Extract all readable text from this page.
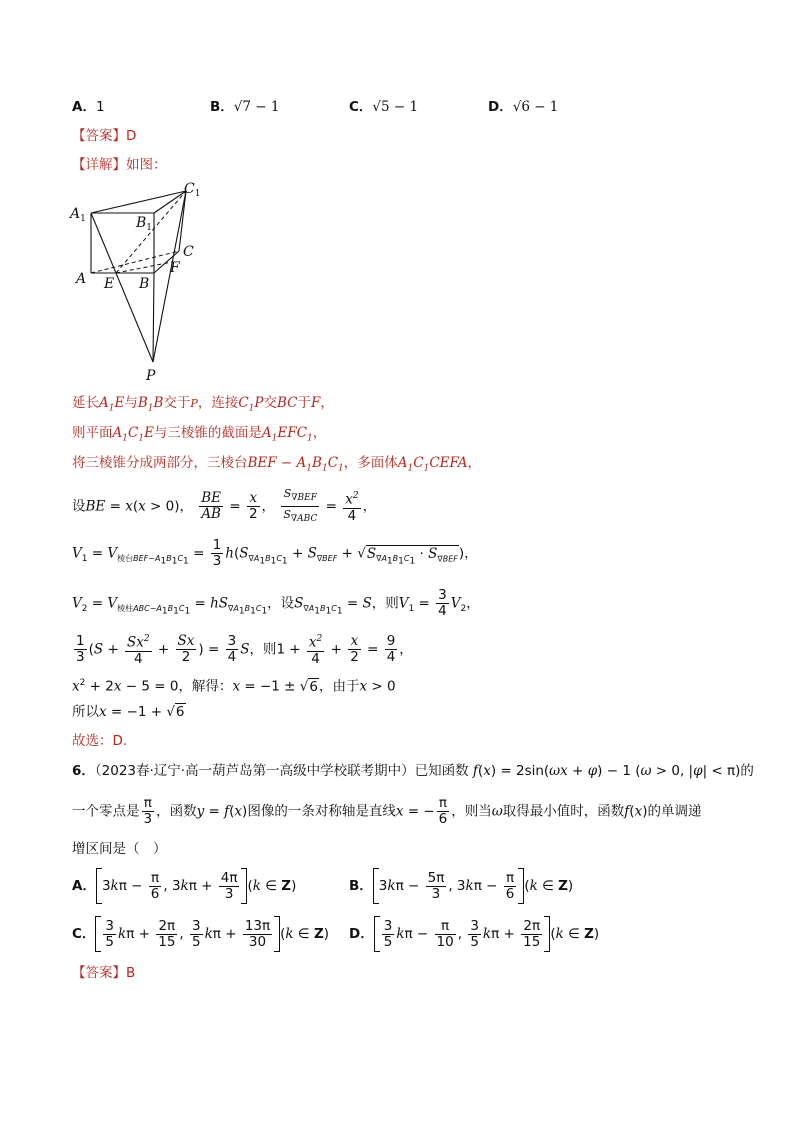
A．1	B．√7 − 1	C．√5 − 1	D．√6 − 1
【答案】D
【详解】如图：
$A_1$	$B_1$
$C_1$
C
F
A E B
P
延长$A_1E$与$B_1B$交于P，连接$C_1P$交BC于F，
则平面$A_1C_1E$与三棱锥的截面是$A_1EFC_1$，
将三棱锥分成两部分，三棱台BEF − $A_1B_1C_1$，多面体$A_1C_1CEFA$，
设BE = x(x > 0)， $\frac{BE}{AB} = \frac{x}{2}$ ， $\frac{S_{\nabla BEF}}{S_{\nabla ABC}} = \frac{x^2}{4}$ ，
$V_1 = V_{棱台BEF-A_1B_1C_1} = \frac{1}{3} h(S_{\nabla A_1B_1C_1} + S_{\nabla BEF} + √S_{\nabla A_1B_1C_1} \cdot S_{\nabla BEF})$，
$V_2 = V_{棱柱ABC-A_1B_1C_1} = hS_{\nabla A_1B_1C_1}$，设$S_{\nabla A_1B_1C_1} = S$，则$V_1 = \frac{3}{4} V_2$，
$\frac{1}{3} (S + \frac{Sx^2}{4} + \frac{Sx}{2}$ ) = $\frac{3}{4}$ S，则$1 + \frac{x^2}{4} + \frac{x}{2} = \frac{9}{4}$ ，
$x^2 + 2x - 5 = 0$，解得：x = −1 ± √6，由于x > 0
所以x = −1 + √6
故选：D.
6．（2023春·辽宁·高一葫芦岛第一高级中学校联考期中）已知函数 f(x) = 2sin(ωx + φ) − 1 (ω > 0, |φ| < π)的
一个零点是 $\frac{\pi}{3}$ ，函数y = f(x)图像的一条对称轴是直线x = − $\frac{\pi}{6}$ ，则当ω取得最小值时，函数f(x)的单调递
增区间是（　）
A． $3k\pi - \frac{\pi}{6}$ , $3k\pi + \frac{4\pi}{3} (k$ ∈ Z)	B． $3k\pi - \frac{5\pi}{3}$ , $3k\pi - \frac{\pi}{6} (k$ ∈ Z)
C． $\frac{3}{5}$ $k\pi + \frac{2\pi}{15}$ , $\frac{3}{5}$ $k\pi + \frac{13\pi}{30} (k$ ∈ Z) D． $\frac{3}{5}$ $k\pi - \frac{\pi}{10}$ , $\frac{3}{5}$ $k\pi + \frac{2\pi}{15} (k$ ∈ Z)
【答案】B
